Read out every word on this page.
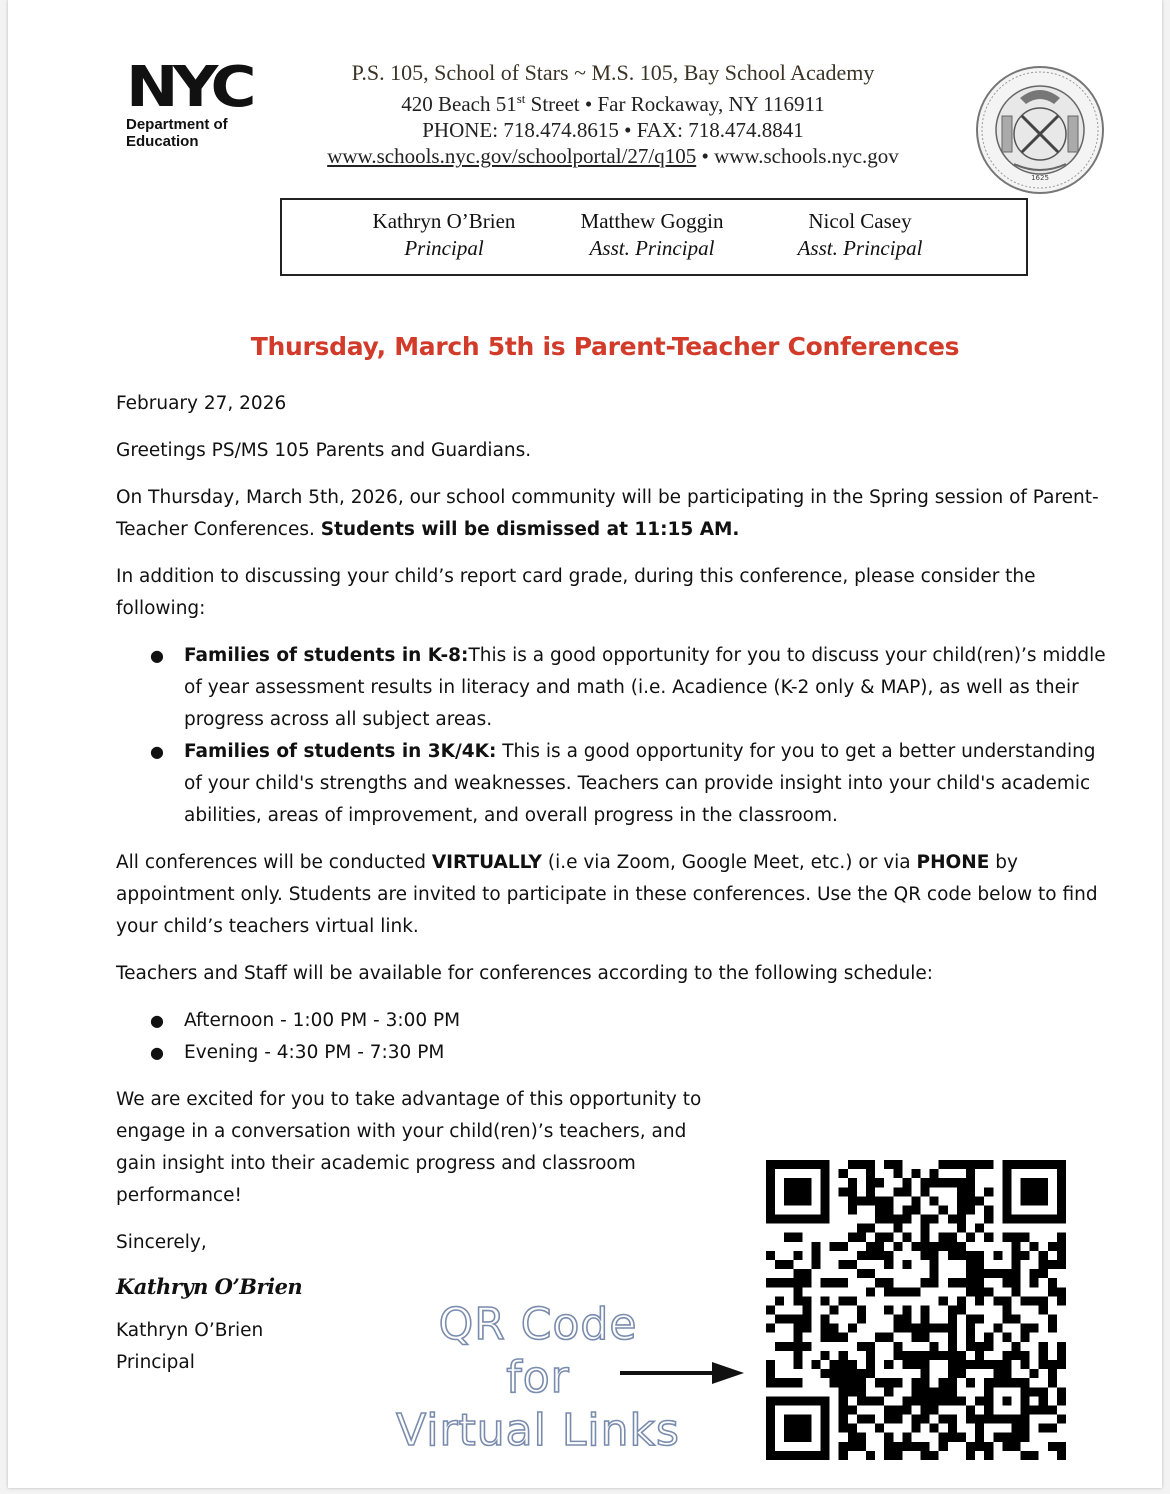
NYC
Department of
Education
P.S. 105, School of Stars ~ M.S. 105, Bay School Academy
420 Beach 51st Street • Far Rockaway, NY 116911
PHONE: 718.474.8615 • FAX: 718.474.8841
www.schools.nyc.gov/schoolportal/27/q105 • www.schools.nyc.gov
1625
Kathryn O’Brien
Principal
Matthew Goggin
Asst. Principal
Nicol Casey
Asst. Principal
Thursday, March 5th is Parent-Teacher Conferences

February 27, 2026

Greetings PS/MS 105 Parents and Guardians.

On Thursday, March 5th, 2026, our school community will be participating in the Spring session of Parent-Teacher Conferences. Students will be dismissed at 11:15 AM.

In addition to discussing your child’s report card grade, during this conference, please consider the following:

● Families of students in K-8:This is a good opportunity for you to discuss your child(ren)’s middle of year assessment results in literacy and math (i.e. Acadience (K-2 only & MAP), as well as their progress across all subject areas.
● Families of students in 3K/4K: This is a good opportunity for you to get a better understanding of your child's strengths and weaknesses. Teachers can provide insight into your child's academic abilities, areas of improvement, and overall progress in the classroom.

All conferences will be conducted VIRTUALLY (i.e via Zoom, Google Meet, etc.) or via PHONE by appointment only. Students are invited to participate in these conferences. Use the QR code below to find your child’s teachers virtual link.

Teachers and Staff will be available for conferences according to the following schedule:

● Afternoon - 1:00 PM - 3:00 PM
● Evening - 4:30 PM - 7:30 PM

We are excited for you to take advantage of this opportunity to engage in a conversation with your child(ren)’s teachers, and gain insight into their academic progress and classroom performance!

Sincerely,

Kathryn O’Brien

Kathryn O’Brien

Principal

QR Code
for
Virtual Links
